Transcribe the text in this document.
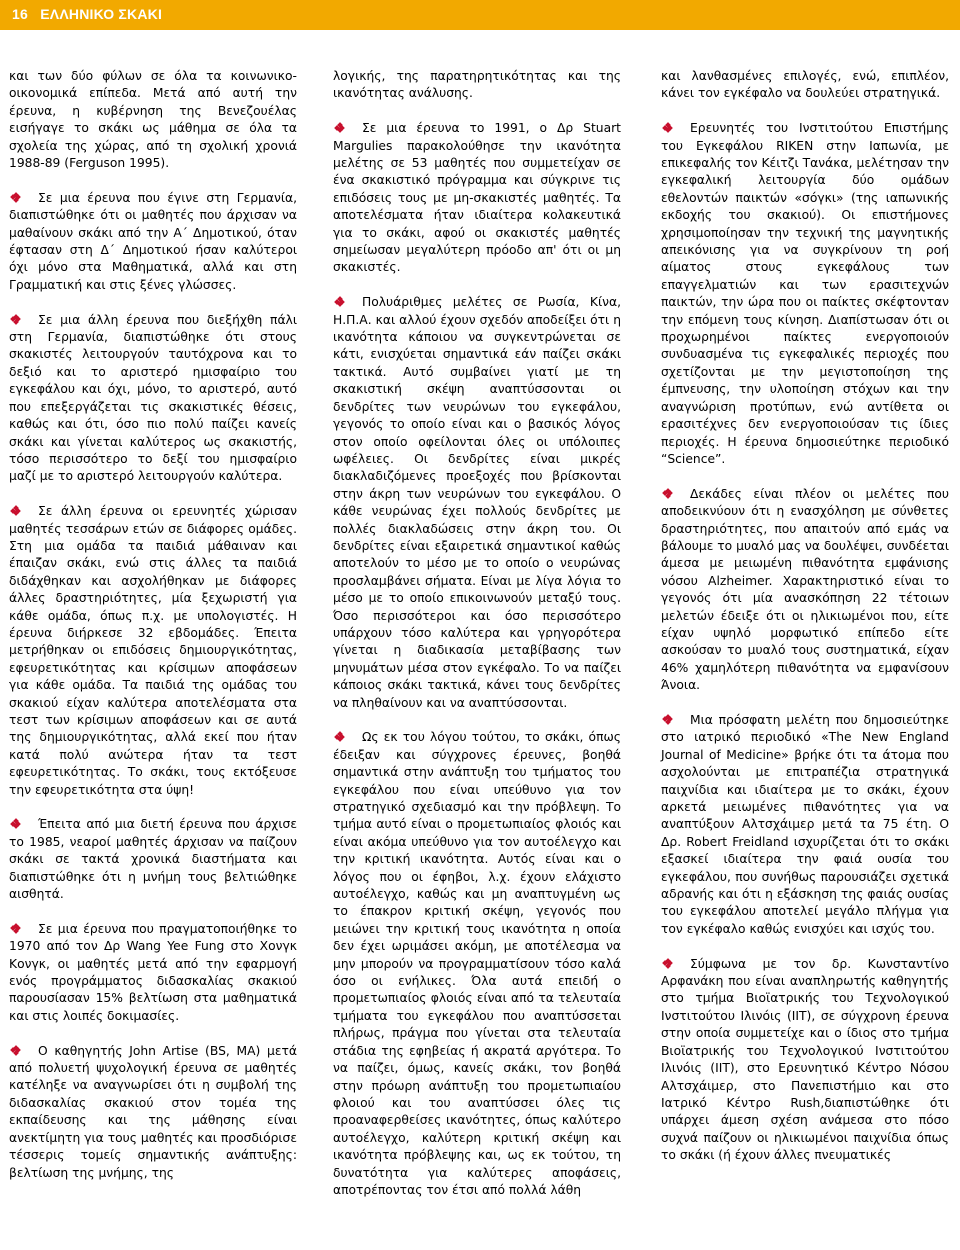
16 ΕΛΛΗΝΙΚΟ ΣΚΑΚΙ

και των δύο φύλων σε όλα τα κοινωνικο-οικονομικά επίπεδα. Μετά από αυτή την έρευνα, η κυβέρνηση της Βενεζουέλας εισήγαγε το σκάκι ως μάθημα σε όλα τα σχολεία της χώρας, από τη σχολική χρονιά 1988-89 (Ferguson 1995).

Σε μια έρευνα που έγινε στη Γερμανία, διαπιστώθηκε ότι οι μαθητές που άρχισαν να μαθαίνουν σκάκι από την Α΄ Δημοτικού, όταν έφτασαν στη Δ΄ Δημοτικού ήσαν καλύτεροι όχι μόνο στα Μαθηματικά, αλλά και στη Γραμματική και στις ξένες γλώσσες.

Σε μια άλλη έρευνα που διεξήχθη πάλι στη Γερμανία, διαπιστώθηκε ότι στους σκακιστές λειτουργούν ταυτόχρονα και το δεξιό και το αριστερό ημισφαίριο του εγκεφάλου και όχι, μόνο, το αριστερό, αυτό που επεξεργάζεται τις σκακιστικές θέσεις, καθώς και ότι, όσο πιο πολύ παίζει κανείς σκάκι και γίνεται καλύτερος ως σκακιστής, τόσο περισσότερο το δεξί του ημισφαίριο μαζί με το αριστερό λειτουργούν καλύτερα.

Σε άλλη έρευνα οι ερευνητές χώρισαν μαθητές τεσσάρων ετών σε διάφορες ομάδες. Στη μια ομάδα τα παιδιά μάθαιναν και έπαιζαν σκάκι, ενώ στις άλλες τα παιδιά διδάχθηκαν και ασχολήθηκαν με διάφορες άλλες δραστηριότητες, μία ξεχωριστή για κάθε ομάδα, όπως π.χ. με υπολογιστές. Η έρευνα διήρκεσε 32 εβδομάδες. Έπειτα μετρήθηκαν οι επιδόσεις δημιουργικότητας, εφευρετικότητας και κρίσιμων αποφάσεων για κάθε ομάδα. Τα παιδιά της ομάδας του σκακιού είχαν καλύτερα αποτελέσματα στα τεστ των κρίσιμων αποφάσεων και σε αυτά της δημιουργικότητας, αλλά εκεί που ήταν κατά πολύ ανώτερα ήταν τα τεστ εφευρετικότητας. Το σκάκι, τους εκτόξευσε την εφευρετικότητα στα ύψη!

Έπειτα από μια διετή έρευνα που άρχισε το 1985, νεαροί μαθητές άρχισαν να παίζουν σκάκι σε τακτά χρονικά διαστήματα και διαπιστώθηκε ότι η μνήμη τους βελτιώθηκε αισθητά.

Σε μια έρευνα που πραγματοποιήθηκε το 1970 από τον Δρ Wang Yee Fung στο Χονγκ Κονγκ, οι μαθητές μετά από την εφαρμογή ενός προγράμματος διδασκαλίας σκακιού παρουσίασαν 15% βελτίωση στα μαθηματικά και στις λοιπές δοκιμασίες.

Ο καθηγητής John Artise (BS, MA) μετά από πολυετή ψυχολογική έρευνα σε μαθητές κατέληξε να αναγνωρίσει ότι η συμβολή της διδασκαλίας σκακιού στον τομέα της εκπαίδευσης και της μάθησης είναι ανεκτίμητη για τους μαθητές και προσδιόρισε τέσσερις τομείς σημαντικής ανάπτυξης: βελτίωση της μνήμης, της

λογικής, της παρατηρητικότητας και της ικανότητας ανάλυσης.

Σε μια έρευνα το 1991, ο Δρ Stuart Margulies παρακολούθησε την ικανότητα μελέτης σε 53 μαθητές που συμμετείχαν σε ένα σκακιστικό πρόγραμμα και σύγκρινε τις επιδόσεις τους με μη-σκακιστές μαθητές. Τα αποτελέσματα ήταν ιδιαίτερα κολακευτικά για το σκάκι, αφού οι σκακιστές μαθητές σημείωσαν μεγαλύτερη πρόοδο απ' ότι οι μη σκακιστές.

Πολυάριθμες μελέτες σε Ρωσία, Κίνα, Η.Π.Α. και αλλού έχουν σχεδόν αποδείξει ότι η ικανότητα κάποιου να συγκεντρώνεται σε κάτι, ενισχύεται σημαντικά εάν παίζει σκάκι τακτικά. Αυτό συμβαίνει γιατί με τη σκακιστική σκέψη αναπτύσσονται οι δενδρίτες των νευρώνων του εγκεφάλου, γεγονός το οποίο είναι και ο βασικός λόγος στον οποίο οφείλονται όλες οι υπόλοιπες ωφέλειες. Οι δενδρίτες είναι μικρές διακλαδιζόμενες προεξοχές που βρίσκονται στην άκρη των νευρώνων του εγκεφάλου. Ο κάθε νευρώνας έχει πολλούς δενδρίτες με πολλές διακλαδώσεις στην άκρη του. Οι δενδρίτες είναι εξαιρετικά σημαντικοί καθώς αποτελούν το μέσο με το οποίο ο νευρώνας προσλαμβάνει σήματα. Είναι με λίγα λόγια το μέσο με το οποίο επικοινωνούν μεταξύ τους. Όσο περισσότεροι και όσο περισσότερο υπάρχουν τόσο καλύτερα και γρηγορότερα γίνεται η διαδικασία μεταβίβασης των μηνυμάτων μέσα στον εγκέφαλο. Το να παίζει κάποιος σκάκι τακτικά, κάνει τους δενδρίτες να πληθαίνουν και να αναπτύσσονται.

Ως εκ του λόγου τούτου, το σκάκι, όπως έδειξαν και σύγχρονες έρευνες, βοηθά σημαντικά στην ανάπτυξη του τμήματος του εγκεφάλου που είναι υπεύθυνο για τον στρατηγικό σχεδιασμό και την πρόβλεψη. Το τμήμα αυτό είναι ο προμετωπιαίος φλοιός και είναι ακόμα υπεύθυνο για τον αυτοέλεγχο και την κριτική ικανότητα. Αυτός είναι και ο λόγος που οι έφηβοι, λ.χ. έχουν ελάχιστο αυτοέλεγχο, καθώς και μη αναπτυγμένη ως το έπακρον κριτική σκέψη, γεγονός που μειώνει την κριτική τους ικανότητα η οποία δεν έχει ωριμάσει ακόμη, με αποτέλεσμα να μην μπορούν να προγραμματίσουν τόσο καλά όσο οι ενήλικες. Όλα αυτά επειδή ο προμετωπιαίος φλοιός είναι από τα τελευταία τμήματα του εγκεφάλου που αναπτύσσεται πλήρως, πράγμα που γίνεται στα τελευταία στάδια της εφηβείας ή ακρατά αργότερα. Το να παίζει, όμως, κανείς σκάκι, τον βοηθά στην πρόωρη ανάπτυξη του προμετωπιαίου φλοιού και του αναπτύσσει όλες τις προαναφερθείσες ικανότητες, όπως καλύτερο αυτοέλεγχο, καλύτερη κριτική σκέψη και ικανότητα πρόβλεψης και, ως εκ τούτου, τη δυνατότητα για καλύτερες αποφάσεις, αποτρέποντας τον έτσι από πολλά λάθη

και λανθασμένες επιλογές, ενώ, επιπλέον, κάνει τον εγκέφαλο να δουλεύει στρατηγικά.

Ερευνητές του Ινστιτούτου Επιστήμης του Εγκεφάλου RIKEN στην Ιαπωνία, με επικεφαλής τον Κέιτζι Τανάκα, μελέτησαν την εγκεφαλική λειτουργία δύο ομάδων εθελοντών παικτών «σόγκι» (της ιαπωνικής εκδοχής του σκακιού). Οι επιστήμονες χρησιμοποίησαν την τεχνική της μαγνητικής απεικόνισης για να συγκρίνουν τη ροή αίματος στους εγκεφάλους των επαγγελματιών και των ερασιτεχνών παικτών, την ώρα που οι παίκτες σκέφτονταν την επόμενη τους κίνηση. Διαπίστωσαν ότι οι προχωρημένοι παίκτες ενεργοποιούν συνδυασμένα τις εγκεφαλικές περιοχές που σχετίζονται με την μεγιστοποίηση της έμπνευσης, την υλοποίηση στόχων και την αναγνώριση προτύπων, ενώ αντίθετα οι ερασιτέχνες δεν ενεργοποιούσαν τις ίδιες περιοχές. Η έρευνα δημοσιεύτηκε περιοδικό “Science”.

Δεκάδες είναι πλέον οι μελέτες που αποδεικνύουν ότι η ενασχόληση με σύνθετες δραστηριότητες, που απαιτούν από εμάς να βάλουμε το μυαλό μας να δουλέψει, συνδέεται άμεσα με μειωμένη πιθανότητα εμφάνισης νόσου Alzheimer. Χαρακτηριστικό είναι το γεγονός ότι μία ανασκόπηση 22 τέτοιων μελετών έδειξε ότι οι ηλικιωμένοι που, είτε είχαν υψηλό μορφωτικό επίπεδο είτε ασκούσαν το μυαλό τους συστηματικά, είχαν 46% χαμηλότερη πιθανότητα να εμφανίσουν Άνοια.

Μια πρόσφατη μελέτη που δημοσιεύτηκε στο ιατρικό περιοδικό «The New England Journal of Medicine» βρήκε ότι τα άτομα που ασχολούνται με επιτραπέζια στρατηγικά παιχνίδια και ιδιαίτερα με το σκάκι, έχουν αρκετά μειωμένες πιθανότητες για να αναπτύξουν Αλτσχάιμερ μετά τα 75 έτη. Ο Δρ. Robert Freidland ισχυρίζεται ότι το σκάκι εξασκεί ιδιαίτερα την φαιά ουσία του εγκεφάλου, που συνήθως παρουσιάζει σχετικά αδρανής και ότι η εξάσκηση της φαιάς ουσίας του εγκεφάλου αποτελεί μεγάλο πλήγμα για τον εγκέφαλο καθώς ενισχύει και ισχύς του.

Σύμφωνα με τον δρ. Κωνσταντίνο Αρφανάκη που είναι αναπληρωτής καθηγητής στο τμήμα Βιοϊατρικής του Τεχνολογικού Ινστιτούτου Ιλινόις (ΙΙΤ), σε σύγχρονη έρευνα στην οποία συμμετείχε και ο ίδιος στο τμήμα Βιοϊατρικής του Τεχνολογικού Ινστιτούτου Ιλινόις (ΙΙΤ), στο Ερευνητικό Κέντρο Νόσου Αλτσχάιμερ, στο Πανεπιστήμιο και στο Ιατρικό Κέντρο Rush,διαπιστώθηκε ότι υπάρχει άμεση σχέση ανάμεσα στο πόσο συχνά παίζουν οι ηλικιωμένοι παιχνίδια όπως το σκάκι (ή έχουν άλλες πνευματικές
